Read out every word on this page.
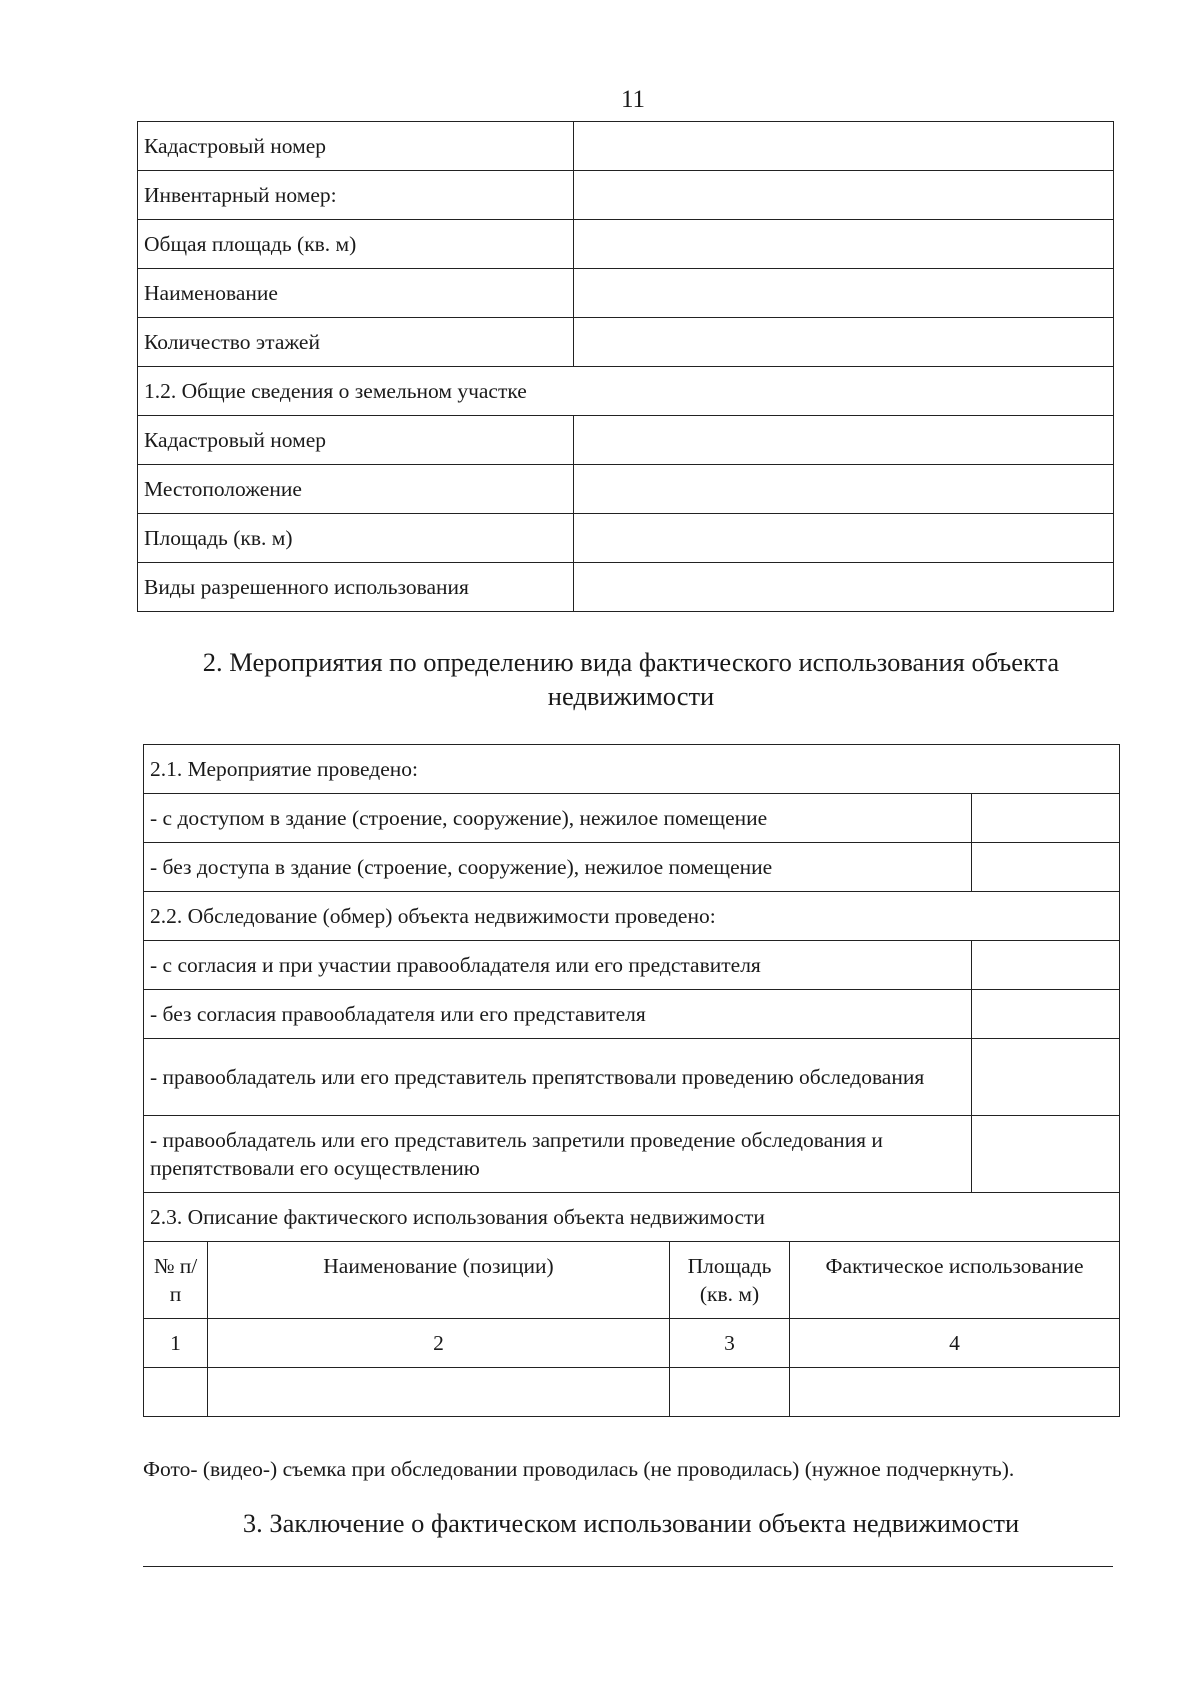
11
Кадастровый номер	
Инвентарный номер:	
Общая площадь (кв. м)	
Наименование	
Количество этажей	
1.2. Общие сведения о земельном участке	
Кадастровый номер	
Местоположение	
Площадь (кв. м)	
Виды разрешенного использования	
2. Мероприятия по определению вида фактического использования объекта недвижимости
2.1. Мероприятие проведено:				
- с доступом в здание (строение, сооружение), нежилое помещение				
- без доступа в здание (строение, сооружение), нежилое помещение				
2.2. Обследование (обмер) объекта недвижимости проведено:				
- с согласия и при участии правообладателя или его представителя				
- без согласия правообладателя или его представителя				
- правообладатель или его представитель препятствовали проведению обследования				
- правообладатель или его представитель запретили проведение обследования и препятствовали его осуществлению				
2.3. Описание фактического использования объекта недвижимости				
№ п/п	Наименование (позиции)	Площадь (кв. м)	Фактическое использование	
1	2	3	4	

Фото- (видео-) съемка при обследовании проводилась (не проводилась) (нужное подчеркнуть).
3. Заключение о фактическом использовании объекта недвижимости
